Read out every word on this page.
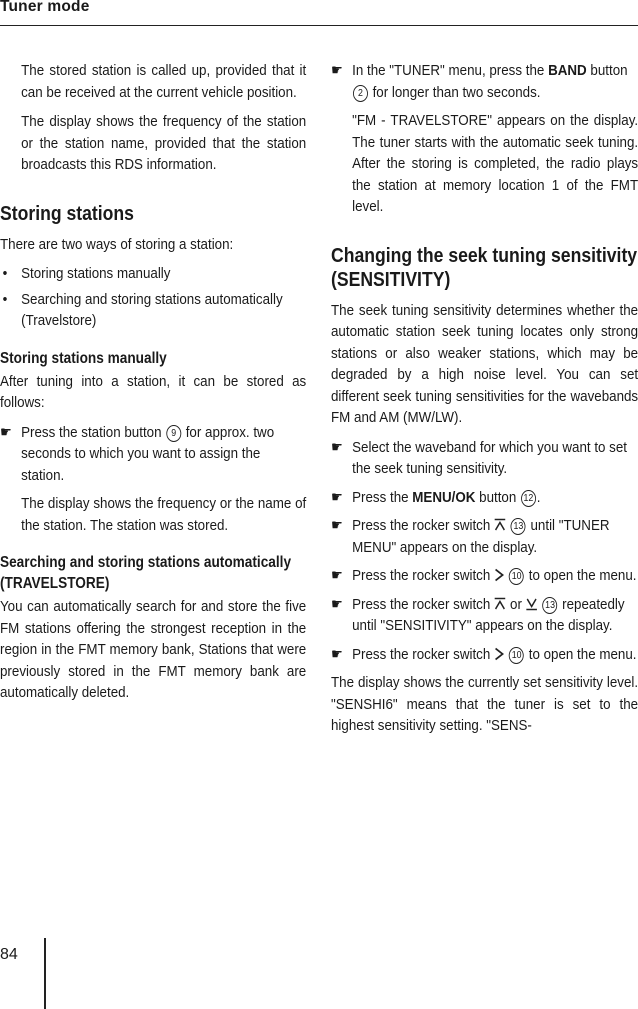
Tuner mode

The stored station is called up, provided that it can be received at the current vehicle position.

The display shows the frequency of the station or the station name, provided that the station broadcasts this RDS information.

Storing stations

There are two ways of storing a station:

• Storing stations manually
• Searching and storing stations automatically (Travelstore)
Storing stations manually

After tuning into a station, it can be stored as follows:

☛ Press the station button 9 for approx. two seconds to which you want to assign the station.

The display shows the frequency or the name of the station. The station was stored.

Searching and storing stations automatically (TRAVELSTORE)

You can automatically search for and store the five FM stations offering the strongest reception in the region in the FMT memory bank, Stations that were previously stored in the FMT memory bank are automatically deleted.

☛ In the "TUNER" menu, press the BAND button 2 for longer than two seconds.

"FM - TRAVELSTORE" appears on the display. The tuner starts with the automatic seek tuning. After the storing is completed, the radio plays the station at memory location 1 of the FMT level.

Changing the seek tuning sensitivity (SENSITIVITY)

The seek tuning sensitivity determines whether the automatic station seek tuning locates only strong stations or also weaker stations, which may be degraded by a high noise level. You can set different seek tuning sensitivities for the wavebands FM and AM (MW/LW).

☛ Select the waveband for which you want to set the seek tuning sensitivity.
☛ Press the MENU/OK button 12 .
☛ Press the rocker switch 13 until "TUNER MENU" appears on the display.
☛ Press the rocker switch 10 to open the menu.
☛ Press the rocker switch or 13 repeatedly until "SENSITIVITY" appears on the display.
☛ Press the rocker switch 10 to open the menu.

The display shows the currently set sensitivity level. "SENSHI6" means that the tuner is set to the highest sensitivity setting. "SENS-

84
